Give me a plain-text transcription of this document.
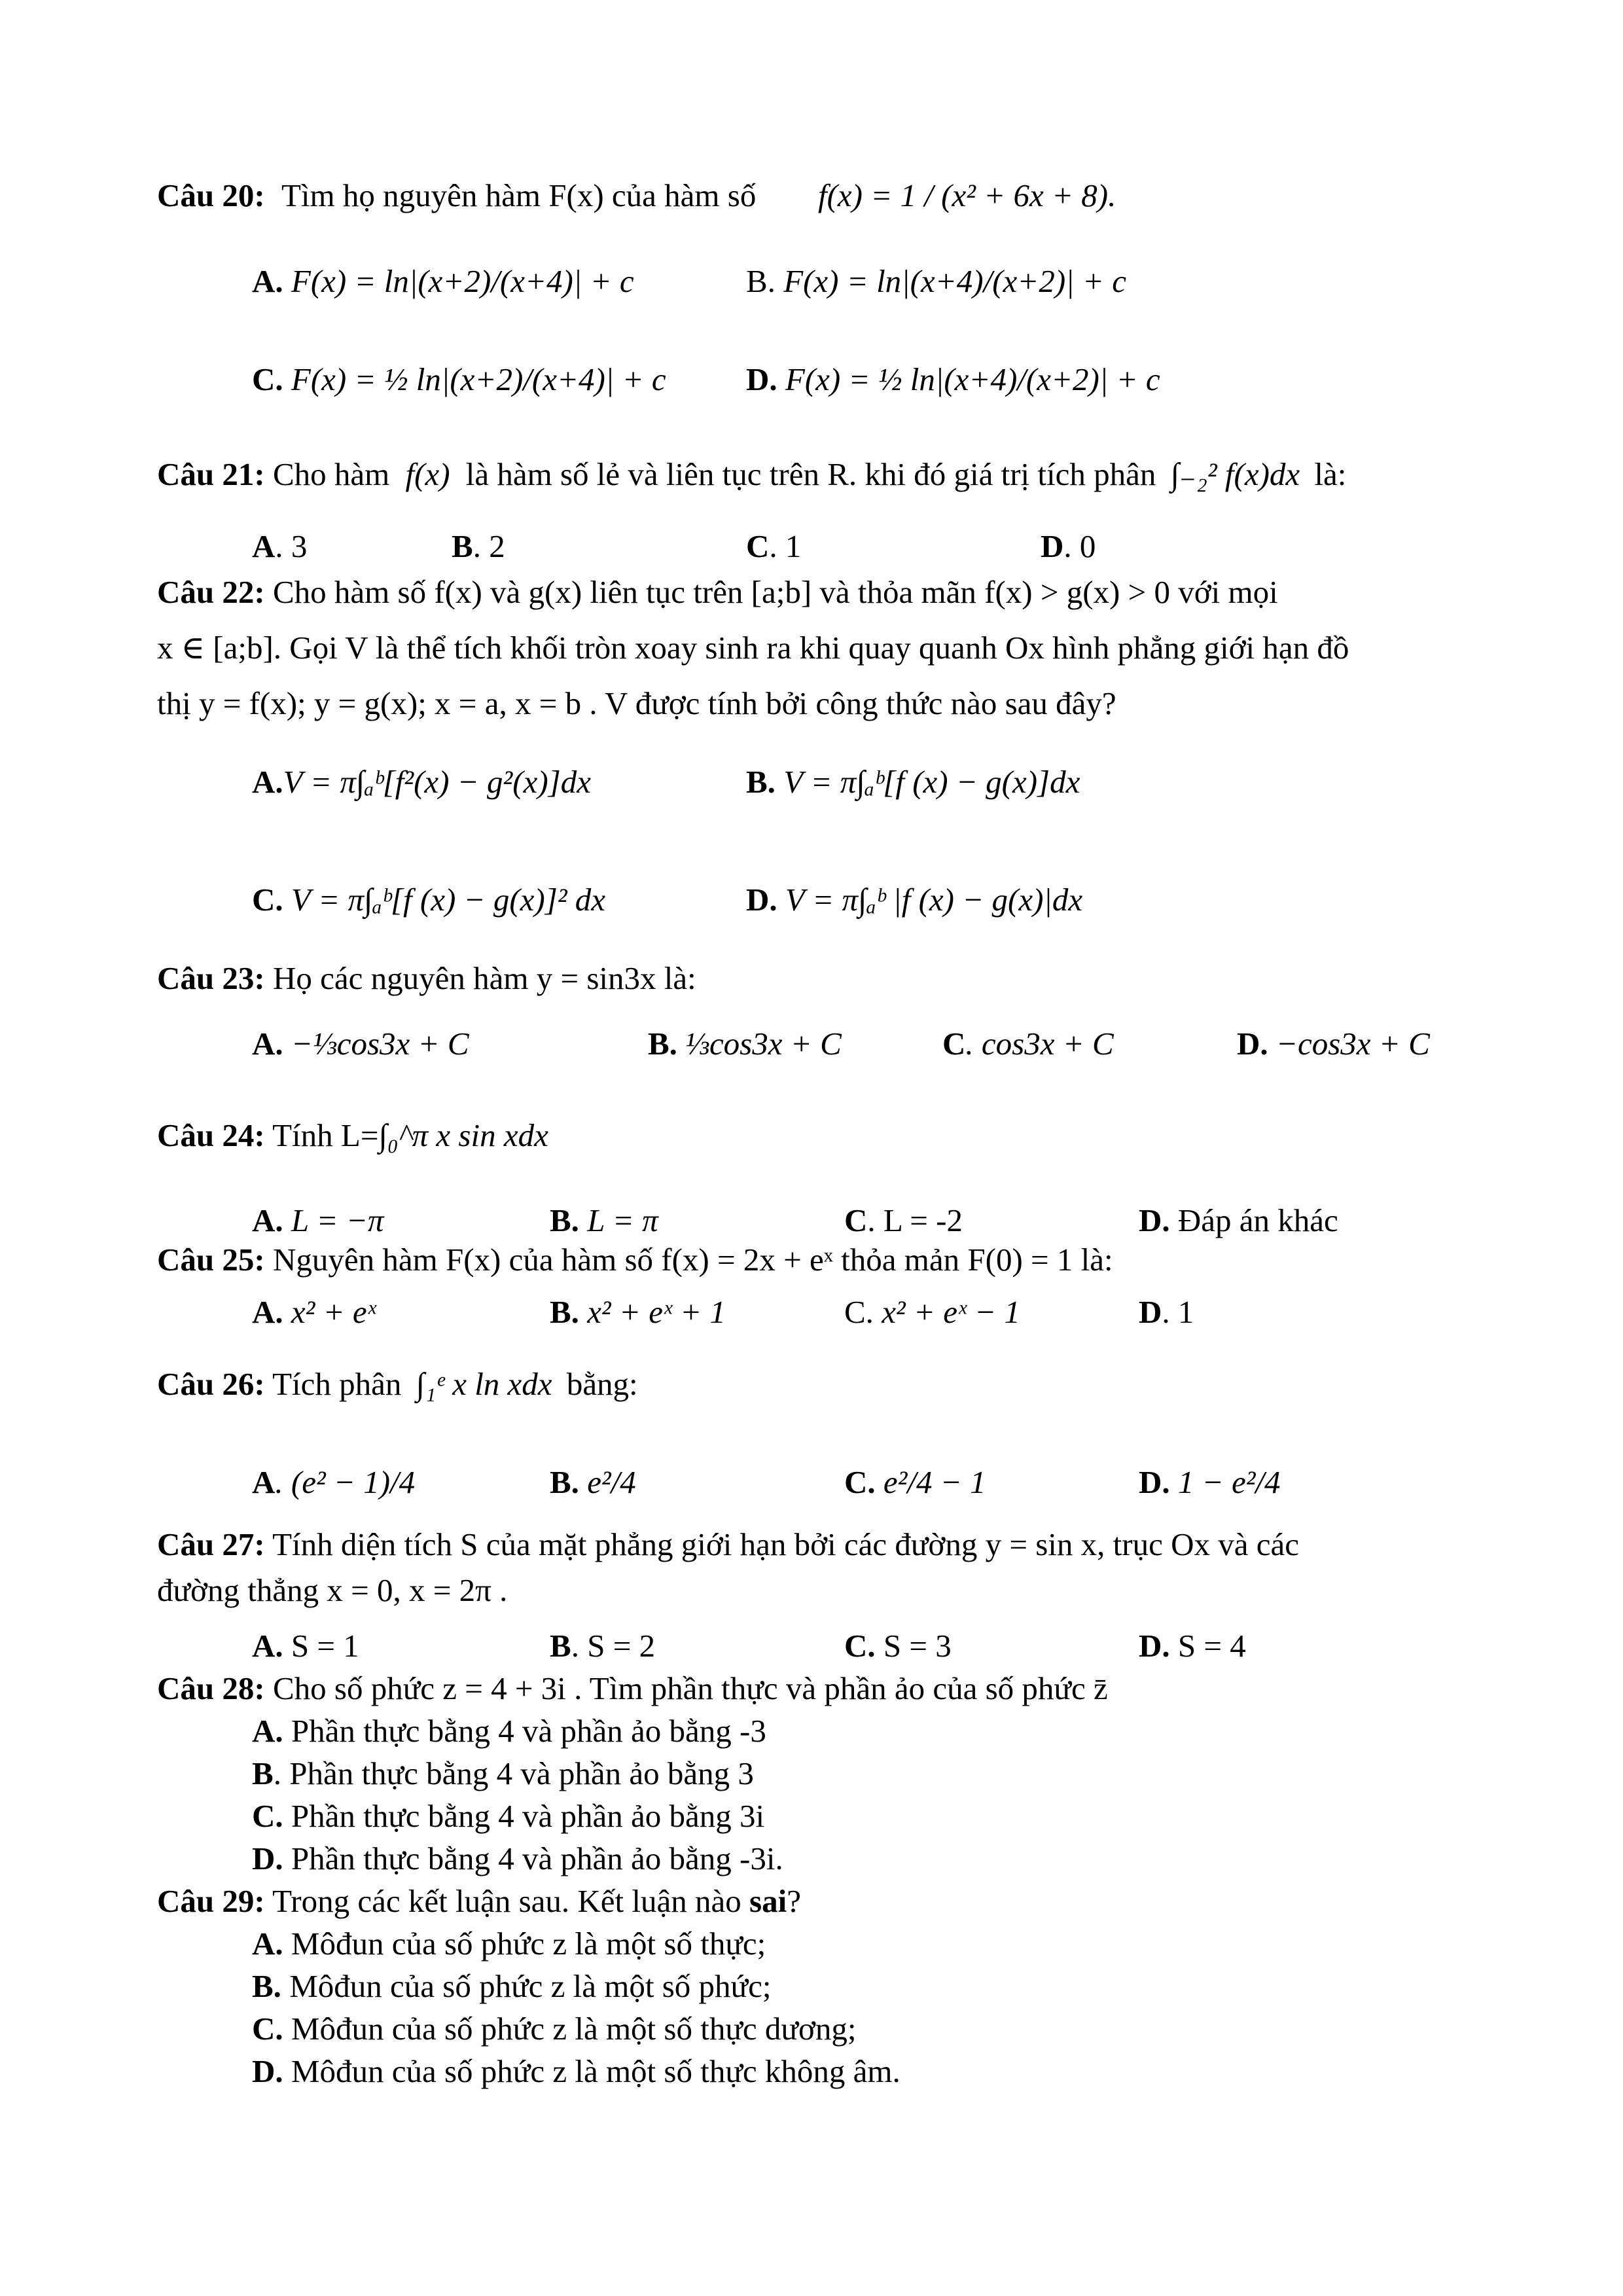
Câu 20: Tìm họ nguyên hàm F(x) của hàm số f(x) = 1 / (x² + 6x + 8).
A. F(x) = ln|(x+2)/(x+4)| + c	B. F(x) = ln|(x+4)/(x+2)| + c
C. F(x) = ½ ln|(x+2)/(x+4)| + c D. F(x) = ½ ln|(x+4)/(x+2)| + c
Câu 21: Cho hàm f(x) là hàm số lẻ và liên tục trên R. khi đó giá trị tích phân ∫₋₂² f(x)dx là:
A. 3	B. 2	C. 1	D. 0
Câu 22: Cho hàm số f(x) và g(x) liên tục trên [a;b] và thỏa mãn f(x) > g(x) > 0 với mọi
x ∈ [a;b]. Gọi V là thể tích khối tròn xoay sinh ra khi quay quanh Ox hình phẳng giới hạn đồ
thị y = f(x); y = g(x); x = a, x = b . V được tính bởi công thức nào sau đây?
A.V = π∫ₐᵇ[f²(x) − g²(x)]dx	B. V = π∫ₐᵇ[f (x) − g(x)]dx
C. V = π∫ₐᵇ[f (x) − g(x)]² dx	D. V = π∫ₐᵇ |f (x) − g(x)|dx
Câu 23: Họ các nguyên hàm y = sin3x là:
A. −⅓cos3x + C	B. ⅓cos3x + C	C. cos3x + C	D. −cos3x + C
Câu 24: Tính L=∫₀^π x sin xdx
A. L = −π	B. L = π	C. L = -2	D. Đáp án khác
Câu 25: Nguyên hàm F(x) của hàm số f(x) = 2x + eˣ thỏa mản F(0) = 1 là:
A. x² + eˣ	B. x² + eˣ + 1	C. x² + eˣ − 1	D. 1
Câu 26: Tích phân ∫₁ᵉ x ln xdx bằng:
A. (e² − 1)/4	B. e²/4	C. e²/4 − 1	D. 1 − e²/4
Câu 27: Tính diện tích S của mặt phẳng giới hạn bởi các đường y = sin x, trục Ox và các
đường thẳng x = 0, x = 2π .
A. S = 1	B. S = 2	C. S = 3	D. S = 4
Câu 28: Cho số phức z = 4 + 3i . Tìm phần thực và phần ảo của số phức z̄
A. Phần thực bằng 4 và phần ảo bằng -3
B. Phần thực bằng 4 và phần ảo bằng 3
C. Phần thực bằng 4 và phần ảo bằng 3i
D. Phần thực bằng 4 và phần ảo bằng -3i.
Câu 29: Trong các kết luận sau. Kết luận nào sai?
A. Môđun của số phức z là một số thực;
B. Môđun của số phức z là một số phức;
C. Môđun của số phức z là một số thực dương;
D. Môđun của số phức z là một số thực không âm.
